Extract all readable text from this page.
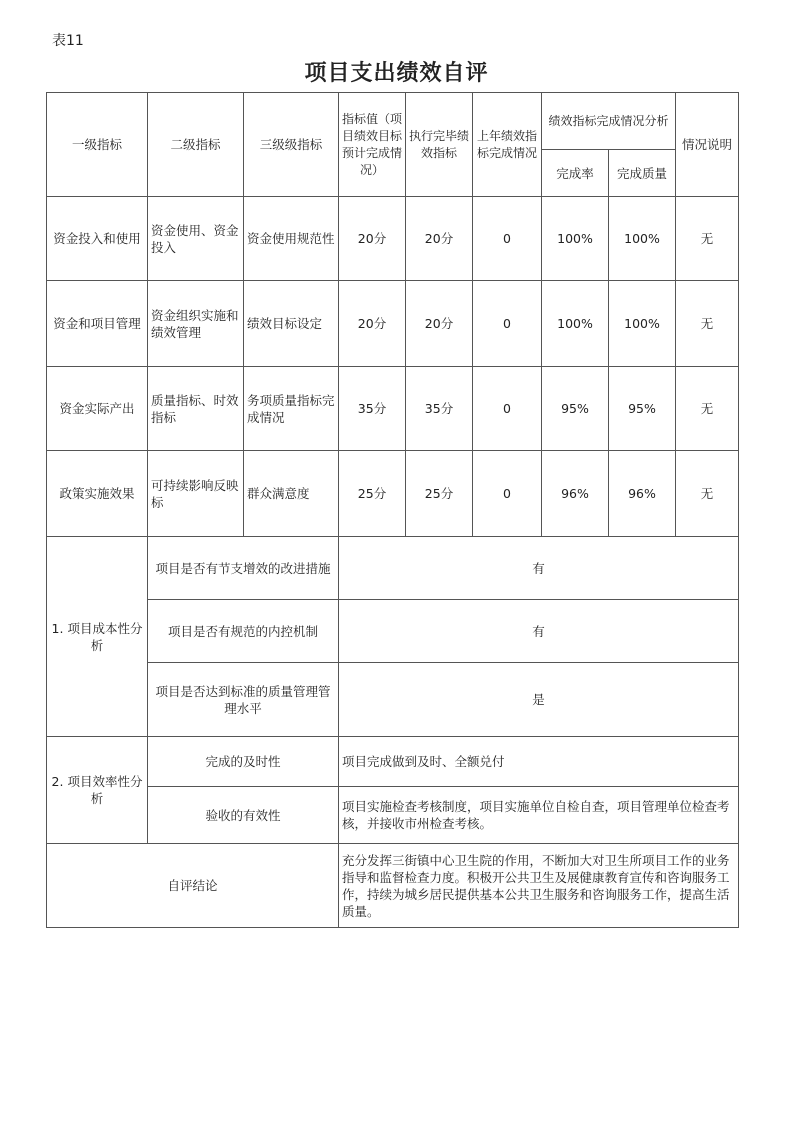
表11
项目支出绩效自评
一级指标	二级指标	三级级指标	指标值（项目绩效目标预计完成情况）	执行完毕绩效指标	上年绩效指标完成情况	绩效指标完成情况分析		情况说明
						完成率	完成质量	
资金投入和使用	资金使用、资金投入	资金使用规范性	20分	20分	0	100%	100%	无
资金和项目管理	资金组织实施和绩效管理	绩效目标设定	20分	20分	0	100%	100%	无
资金实际产出	质量指标、时效指标	务项质量指标完成情况	35分	35分	0	95%	95%	无
政策实施效果	可持续影响反映标	群众满意度	25分	25分	0	96%	96%	无
1. 项目成本性分析	项目是否有节支增效的改进措施		有					
	项目是否有规范的内控机制		有					
	项目是否达到标准的质量管理管理水平		是					
2. 项目效率性分析	完成的及时性		项目完成做到及时、全额兑付					
	验收的有效性		项目实施检查考核制度，项目实施单位自检自查，项目管理单位检查考核，并接收市州检查考核。					
自评结论			充分发挥三街镇中心卫生院的作用，不断加大对卫生所项目工作的业务指导和监督检查力度。积极开公共卫生及展健康教育宣传和咨询服务工作，持续为城乡居民提供基本公共卫生服务和咨询服务工作，提高生活质量。					
